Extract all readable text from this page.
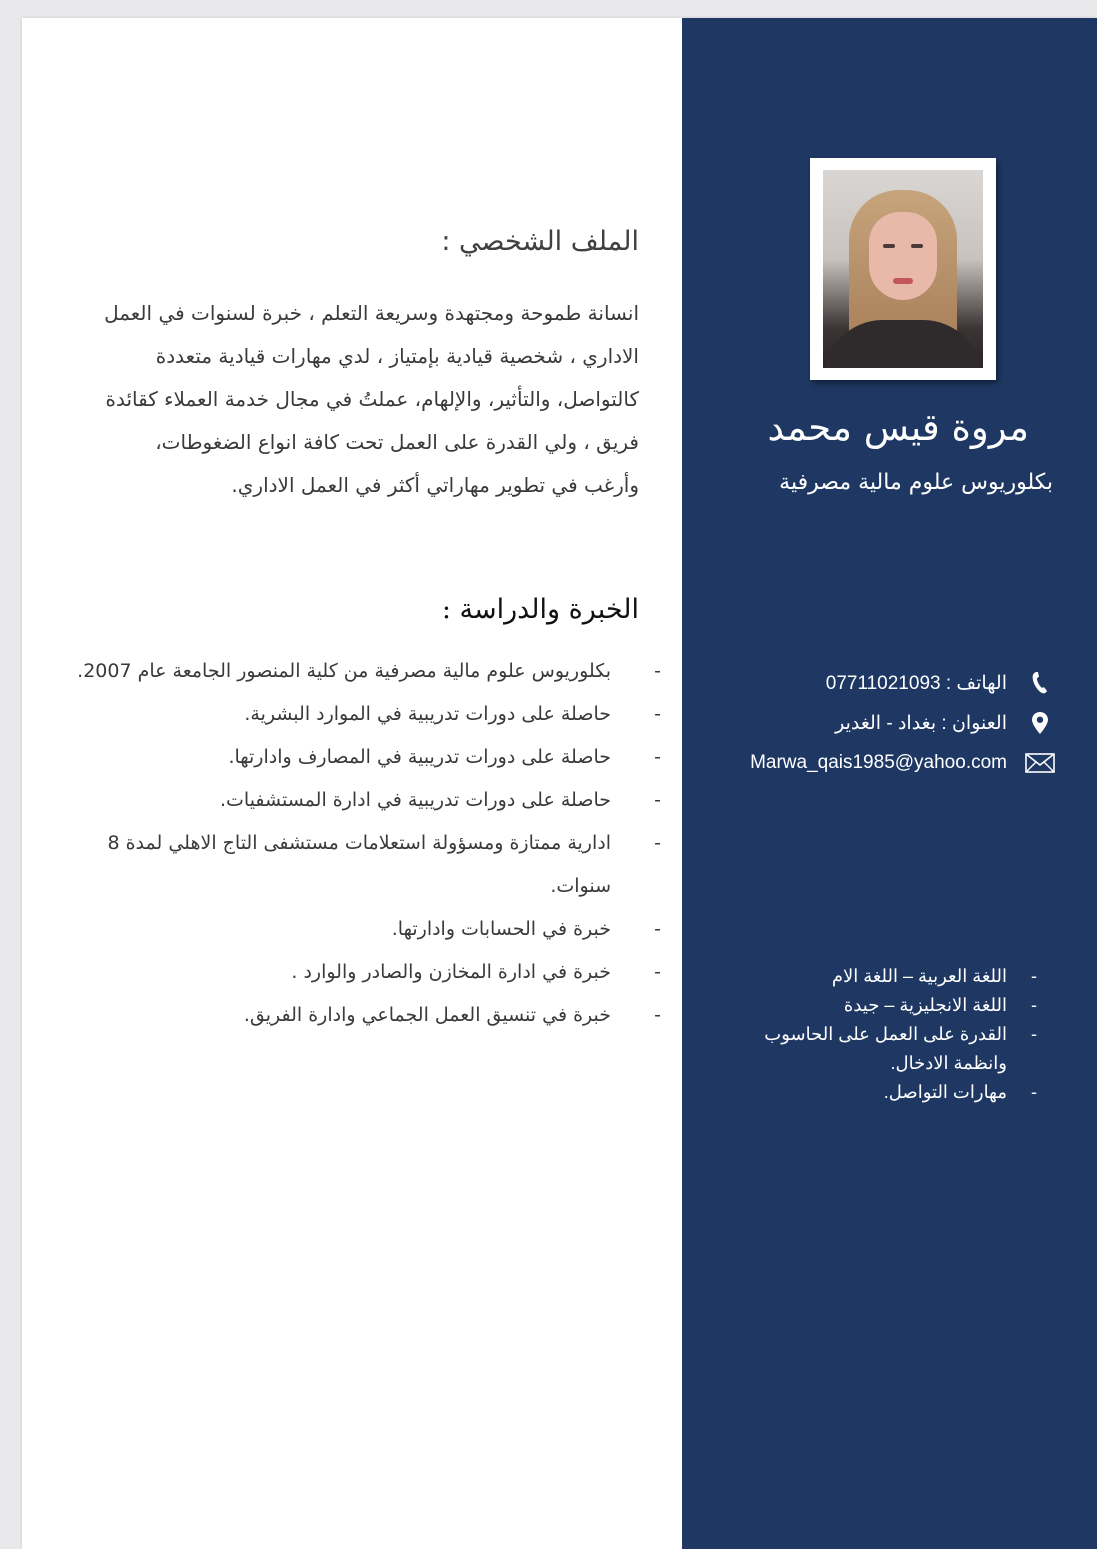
الملف الشخصي :

انسانة طموحة ومجتهدة وسريعة التعلم ، خبرة لسنوات في العمل الاداري ، شخصية قيادية بإمتياز ، لدي مهارات قيادية متعددة كالتواصل، والتأثير، والإلهام، عملتُ في مجال خدمة العملاء كقائدة فريق ، ولي القدرة على العمل تحت كافة انواع الضغوطات، وأرغب في تطوير مهاراتي أكثر في العمل الاداري.

الخبرة والدراسة :
- بكلوريوس علوم مالية مصرفية من كلية المنصور الجامعة عام 2007.
- حاصلة على دورات تدريبية في الموارد البشرية.
- حاصلة على دورات تدريبية في المصارف وادارتها.
- حاصلة على دورات تدريبية في ادارة المستشفيات.
- ادارية ممتازة ومسؤولة استعلامات مستشفى التاج الاهلي لمدة 8 سنوات.
- خبرة في الحسابات وادارتها.
- خبرة في ادارة المخازن والصادر والوارد .
- خبرة في تنسيق العمل الجماعي وادارة الفريق.
مروة قيس محمد
بكلوريوس علوم مالية مصرفية
الهاتف : 07711021093
العنوان : بغداد - الغدير
Marwa_qais1985@yahoo.com
- اللغة العربية – اللغة الام
- اللغة الانجليزية – جيدة
- القدرة على العمل على الحاسوب وانظمة الادخال.
- مهارات التواصل.
